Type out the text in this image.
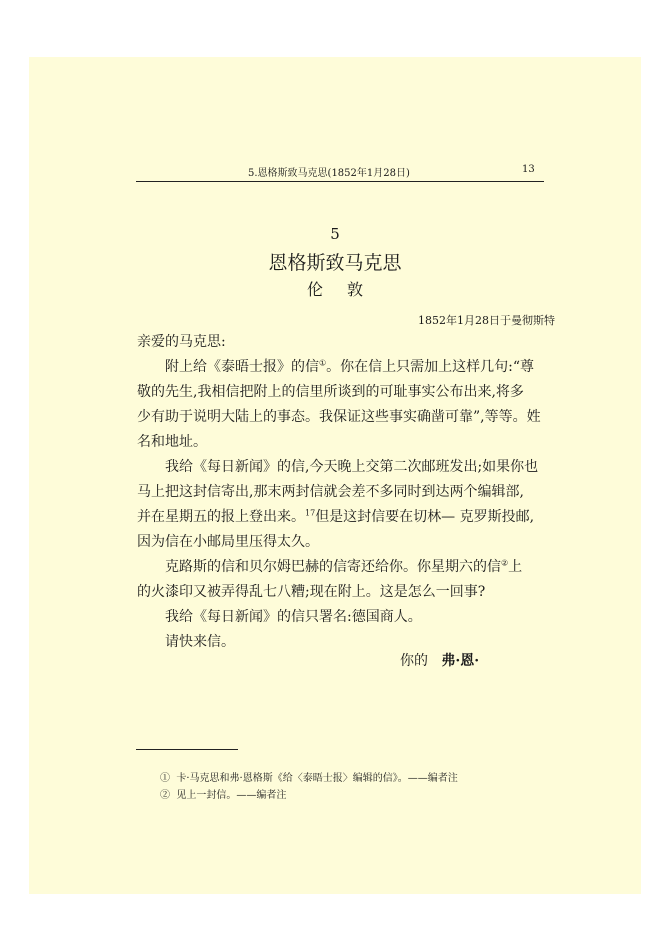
5.恩格斯致马克思(1852年1月28日)	13
5
恩格斯致马克思
伦敦
1852年1月28日于曼彻斯特
亲爱的马克思:
附上给《泰晤士报》的信①。你在信上只需加上这样几句:“尊
敬的先生,我相信把附上的信里所谈到的可耻事实公布出来,将多
少有助于说明大陆上的事态。我保证这些事实确凿可靠”,等等。姓
名和地址。
我给《每日新闻》的信,今天晚上交第二次邮班发出;如果你也
马上把这封信寄出,那末两封信就会差不多同时到达两个编辑部,
并在星期五的报上登出来。$^{17}$但是这封信要在切林— 克罗斯投邮,
因为信在小邮局里压得太久。
克路斯的信和贝尔姆巴赫的信寄还给你。你星期六的信②上
的火漆印又被弄得乱七八糟;现在附上。这是怎么一回事?
我给《每日新闻》的信只署名:德国商人。
请快来信。
你的 弗·恩·
① 卡·马克思和弗·恩格斯《给〈泰晤士报〉编辑的信》。——编者注
② 见上一封信。——编者注
